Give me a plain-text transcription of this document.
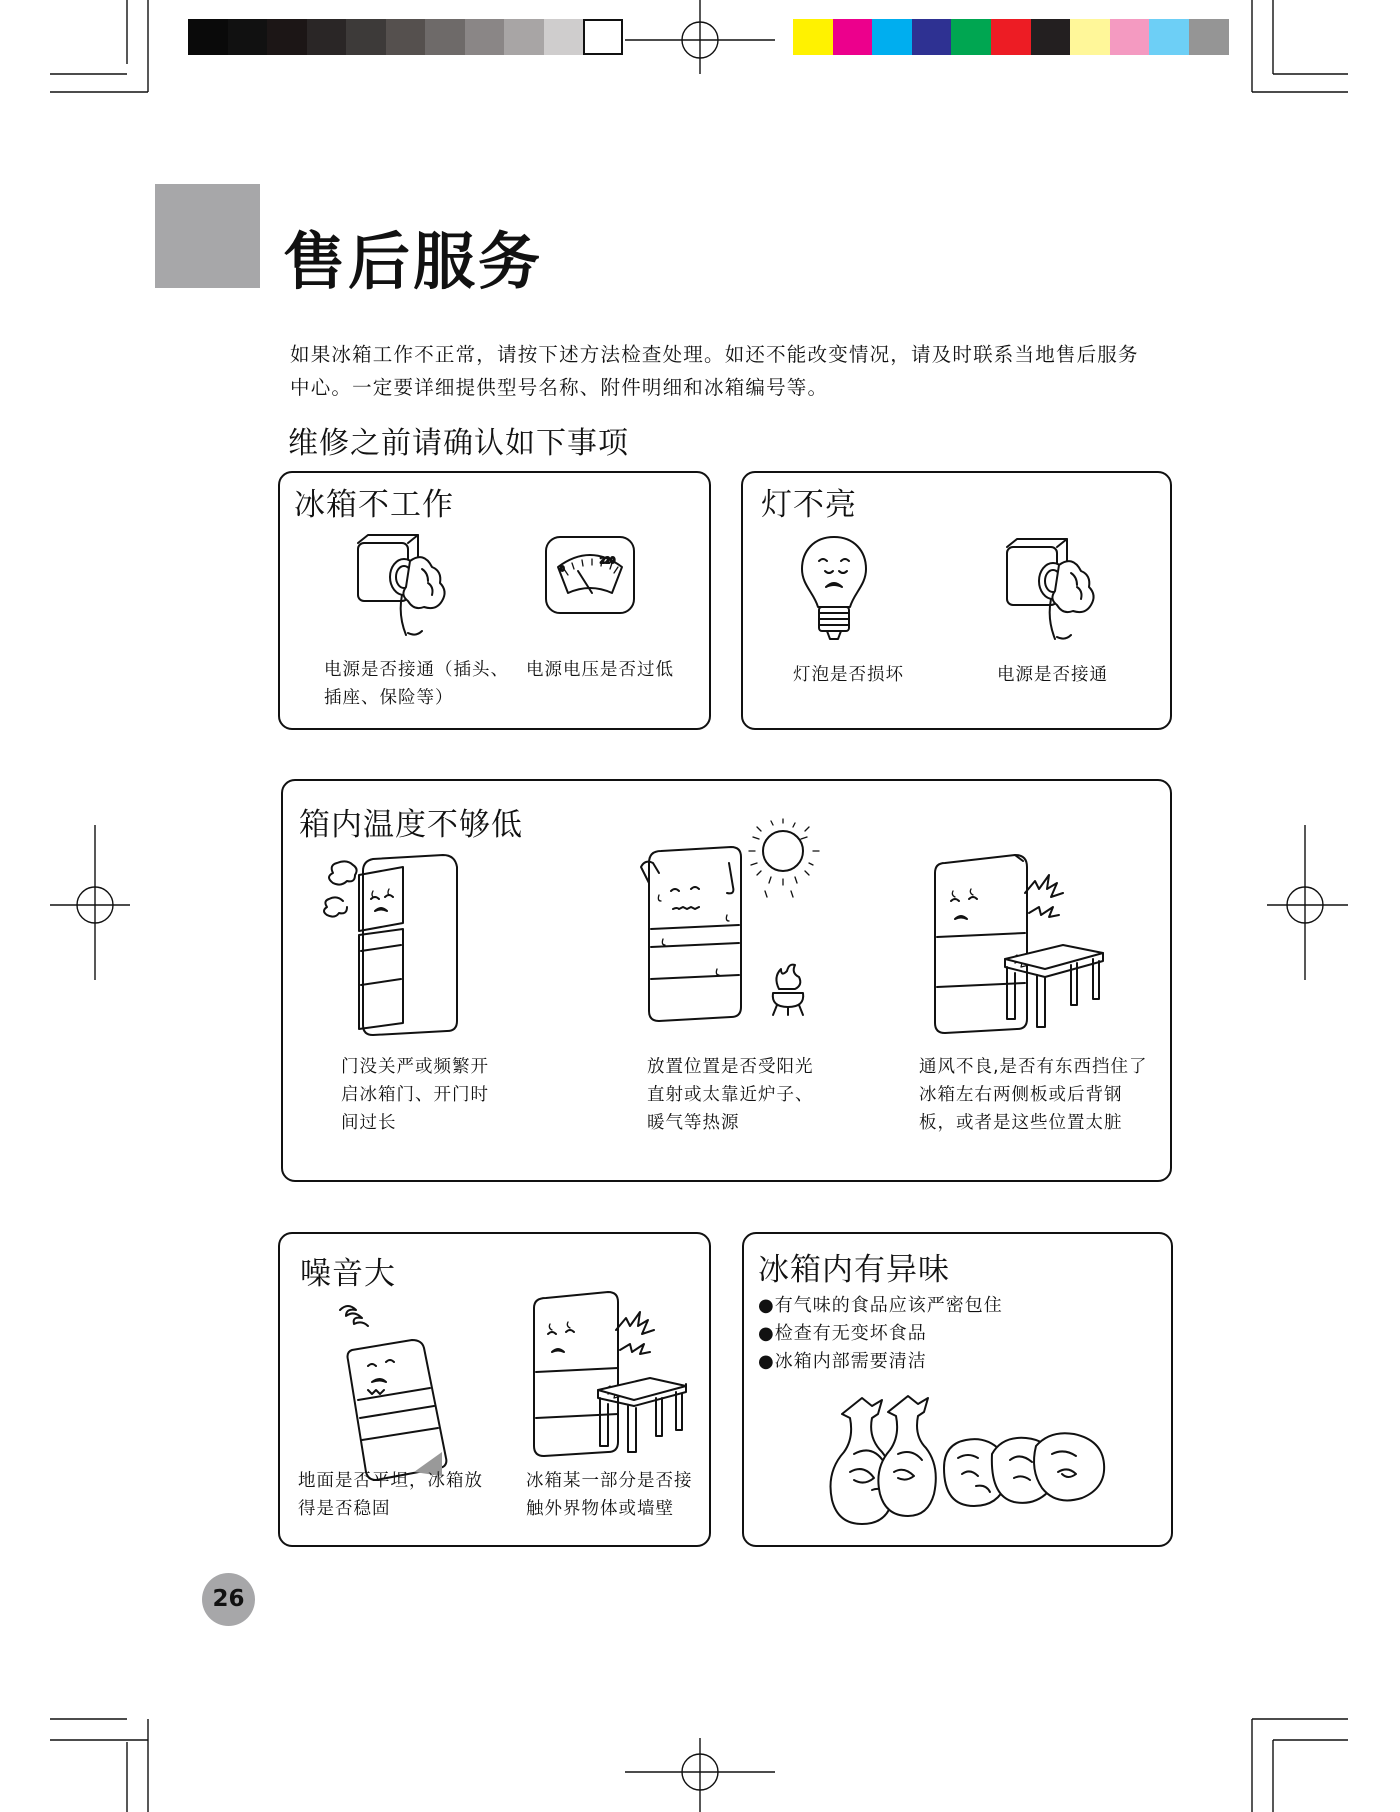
售后服务
如果冰箱工作不正常，请按下述方法检查处理。如还不能改变情况，请及时联系当地售后服务
中心。一定要详细提供型号名称、附件明细和冰箱编号等。
维修之前请确认如下事项
冰箱不工作
220
0
电源是否接通（插头、
插座、保险等）
电源电压是否过低
灯不亮
灯泡是否损坏	电源是否接通
箱内温度不够低
门没关严或频繁开
启冰箱门、开门时
间过长
放置位置是否受阳光
直射或太靠近炉子、
暖气等热源
通风不良,是否有东西挡住了
冰箱左右两侧板或后背钢
板，或者是这些位置太脏
噪音大
地面是否平坦，冰箱放
得是否稳固
冰箱某一部分是否接
触外界物体或墙壁
冰箱内有异味
●有气味的食品应该严密包住
●检查有无变坏食品
●冰箱内部需要清洁
26
